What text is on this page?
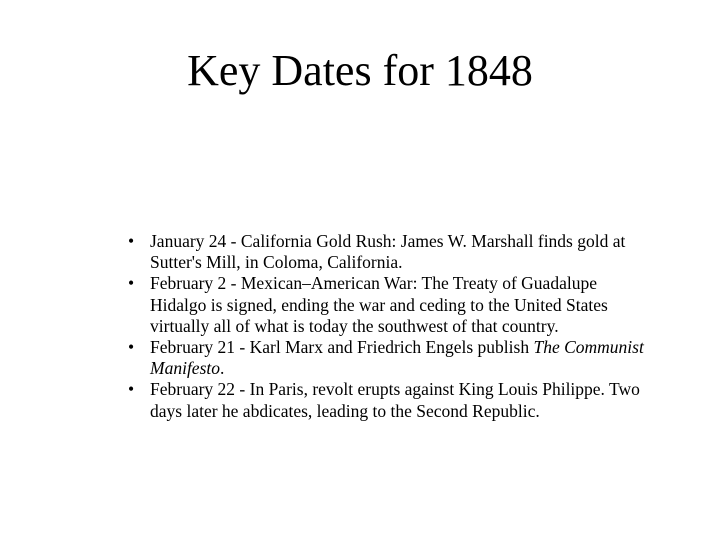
Key Dates for 1848
• January 24 - California Gold Rush: James W. Marshall finds gold at Sutter's Mill, in Coloma, California.
• February 2 - Mexican–American War: The Treaty of Guadalupe Hidalgo is signed, ending the war and ceding to the United States virtually all of what is today the southwest of that country.
• February 21 - Karl Marx and Friedrich Engels publish The Communist Manifesto.
• February 22 - In Paris, revolt erupts against King Louis Philippe. Two days later he abdicates, leading to the Second Republic.
